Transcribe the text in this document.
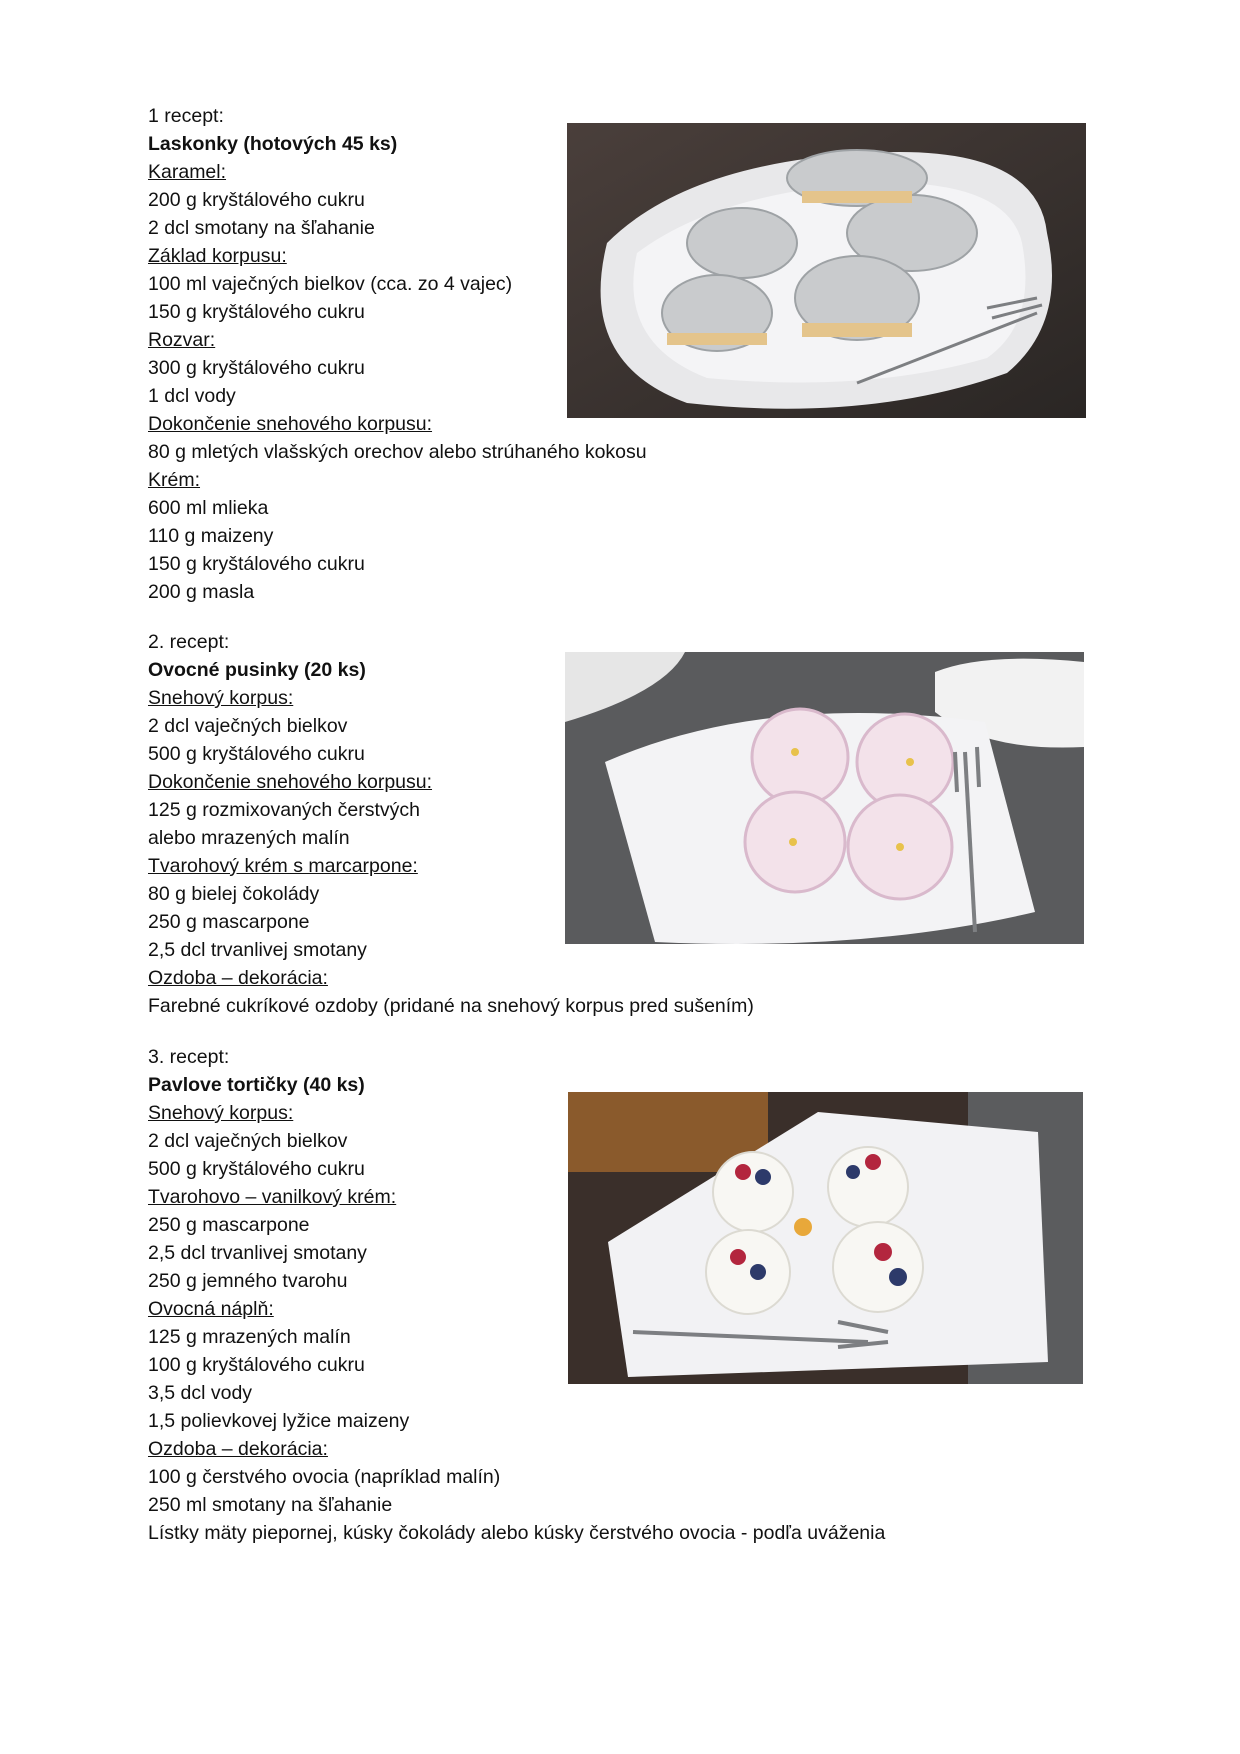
1 recept:
Laskonky (hotových 45 ks)
Karamel:
200 g kryštálového cukru
2 dcl smotany na šľahanie
Základ korpusu:
100 ml vaječných bielkov (cca. zo 4 vajec)
150 g kryštálového cukru
Rozvar:
300 g kryštálového cukru
1 dcl vody
Dokončenie snehového korpusu:
80 g mletých vlašských orechov alebo strúhaného kokosu
Krém:
600 ml mlieka
110 g maizeny
150 g kryštálového cukru
200 g masla
2. recept:
Ovocné pusinky (20 ks)
Snehový korpus:
2 dcl vaječných bielkov
500 g kryštálového cukru
Dokončenie snehového korpusu:
125 g rozmixovaných čerstvých
alebo mrazených malín
Tvarohový krém s marcarpone:
80 g bielej čokolády
250 g mascarpone
2,5 dcl trvanlivej smotany
Ozdoba – dekorácia:
Farebné cukríkové ozdoby (pridané na snehový korpus pred sušením)
3. recept:
Pavlove tortičky (40 ks)
Snehový korpus:
2 dcl vaječných bielkov
500 g kryštálového cukru
Tvarohovo – vanilkový krém:
250 g mascarpone
2,5 dcl trvanlivej smotany
250 g jemného tvarohu
Ovocná náplň:
125 g mrazených malín
100 g kryštálového cukru
3,5 dcl vody
1,5 polievkovej lyžice maizeny
Ozdoba – dekorácia:
100 g čerstvého ovocia (napríklad malín)
250 ml smotany na šľahanie
Lístky mäty piepornej, kúsky čokolády alebo kúsky čerstvého ovocia - podľa uváženia
